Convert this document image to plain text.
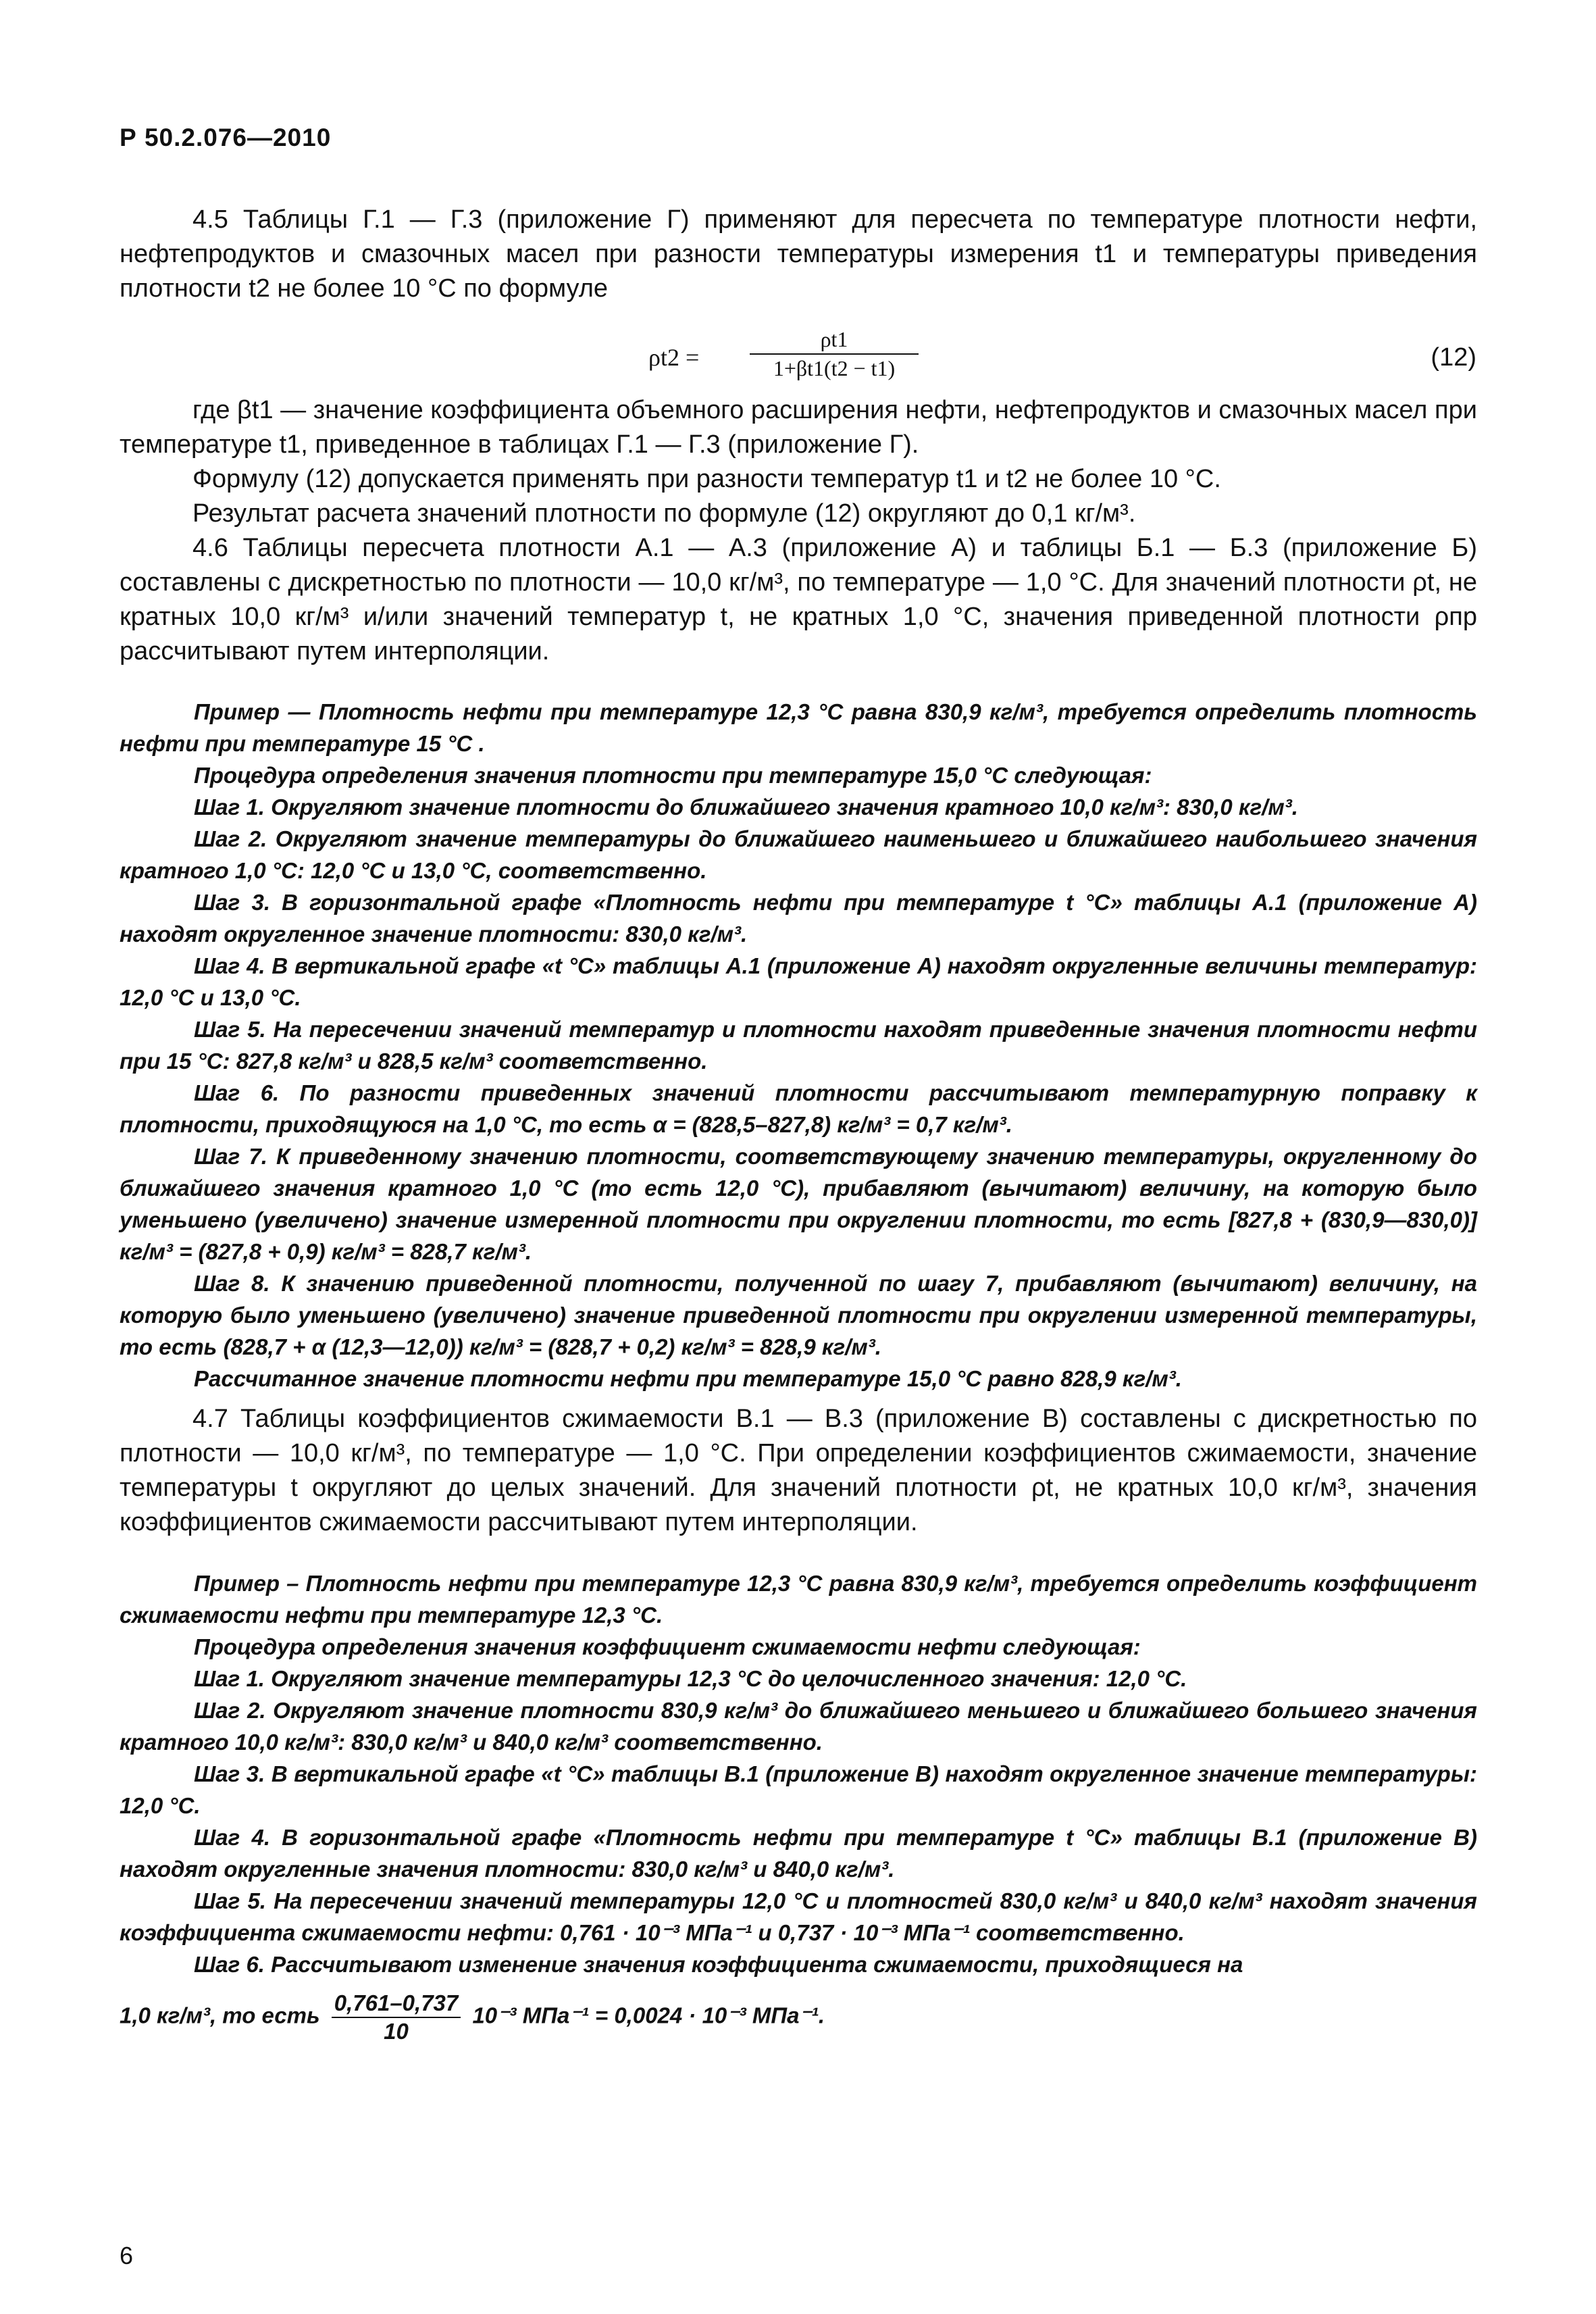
Р 50.2.076—2010

4.5 Таблицы Г.1 — Г.3 (приложение Г) применяют для пересчета по температуре плотности нефти, нефтепродуктов и смазочных масел при разности температуры измерения t1 и температуры приведения плотности t2 не более 10 °С по формуле

$\rho t2 = \frac{\rho t1}{1+\beta t1(t2 - t1)}$	(12)

где βt1 — значение коэффициента объемного расширения нефти, нефтепродуктов и смазочных масел при температуре t1, приведенное в таблицах Г.1 — Г.3 (приложение Г).

Формулу (12) допускается применять при разности температур t1 и t2 не более 10 °С.

Результат расчета значений плотности по формуле (12) округляют до 0,1 кг/м³.

4.6 Таблицы пересчета плотности А.1 — А.3 (приложение А) и таблицы Б.1 — Б.3 (приложение Б) составлены с дискретностью по плотности — 10,0 кг/м³, по температуре — 1,0 °С. Для значений плотности ρt, не кратных 10,0 кг/м³ и/или значений температур t, не кратных 1,0 °С, значения приведенной плотности ρпр рассчитывают путем интерполяции.

Пример — Плотность нефти при температуре 12,3 °С равна 830,9 кг/м³, требуется определить плотность нефти при температуре 15 °С .

Процедура определения значения плотности при температуре 15,0 °С следующая:

Шаг 1. Округляют значение плотности до ближайшего значения кратного 10,0 кг/м³: 830,0 кг/м³.

Шаг 2. Округляют значение температуры до ближайшего наименьшего и ближайшего наибольшего значения кратного 1,0 °С: 12,0 °С и 13,0 °С, соответственно.

Шаг 3. В горизонтальной графе «Плотность нефти при температуре t °С» таблицы А.1 (приложение А) находят округленное значение плотности: 830,0 кг/м³.

Шаг 4. В вертикальной графе «t °С» таблицы А.1 (приложение А) находят округленные величины температур: 12,0 °С и 13,0 °С.

Шаг 5. На пересечении значений температур и плотности находят приведенные значения плотности нефти при 15 °С: 827,8 кг/м³ и 828,5 кг/м³ соответственно.

Шаг 6. По разности приведенных значений плотности рассчитывают температурную поправку к плотности, приходящуюся на 1,0 °С, то есть α = (828,5–827,8) кг/м³ = 0,7 кг/м³.

Шаг 7. К приведенному значению плотности, соответствующему значению температуры, округленному до ближайшего значения кратного 1,0 °С (то есть 12,0 °С), прибавляют (вычитают) величину, на которую было уменьшено (увеличено) значение измеренной плотности при округлении плотности, то есть [827,8 + (830,9—830,0)] кг/м³ = (827,8 + 0,9) кг/м³ = 828,7 кг/м³.

Шаг 8. К значению приведенной плотности, полученной по шагу 7, прибавляют (вычитают) величину, на которую было уменьшено (увеличено) значение приведенной плотности при округлении измеренной температуры, то есть (828,7 + α (12,3—12,0)) кг/м³ = (828,7 + 0,2) кг/м³ = 828,9 кг/м³.

Рассчитанное значение плотности нефти при температуре 15,0 °С равно 828,9 кг/м³.

4.7 Таблицы коэффициентов сжимаемости В.1 — В.3 (приложение В) составлены с дискретностью по плотности — 10,0 кг/м³, по температуре — 1,0 °С. При определении коэффициентов сжимаемости, значение температуры t округляют до целых значений. Для значений плотности ρt, не кратных 10,0 кг/м³, значения коэффициентов сжимаемости рассчитывают путем интерполяции.

Пример – Плотность нефти при температуре 12,3 °С равна 830,9 кг/м³, требуется определить коэффициент сжимаемости нефти при температуре 12,3 °С.

Процедура определения значения коэффициент сжимаемости нефти следующая:

Шаг 1. Округляют значение температуры 12,3 °С до целочисленного значения: 12,0 °С.

Шаг 2. Округляют значение плотности 830,9 кг/м³ до ближайшего меньшего и ближайшего большего значения кратного 10,0 кг/м³: 830,0 кг/м³ и 840,0 кг/м³ соответственно.

Шаг 3. В вертикальной графе «t °С» таблицы В.1 (приложение В) находят округленное значение температуры: 12,0 °С.

Шаг 4. В горизонтальной графе «Плотность нефти при температуре t °С» таблицы В.1 (приложение В) находят округленные значения плотности: 830,0 кг/м³ и 840,0 кг/м³.

Шаг 5. На пересечении значений температуры 12,0 °С и плотностей 830,0 кг/м³ и 840,0 кг/м³ находят значения коэффициента сжимаемости нефти: 0,761 · 10⁻³ МПа⁻¹ и 0,737 · 10⁻³ МПа⁻¹ соответственно.

Шаг 6. Рассчитывают изменение значения коэффициента сжимаемости, приходящиеся на

1,0 кг/м³, то есть $\frac{0,761-0,737}{10} 10^{-3}$ МПа⁻¹ = 0,0024 · 10⁻³ МПа⁻¹.

6
